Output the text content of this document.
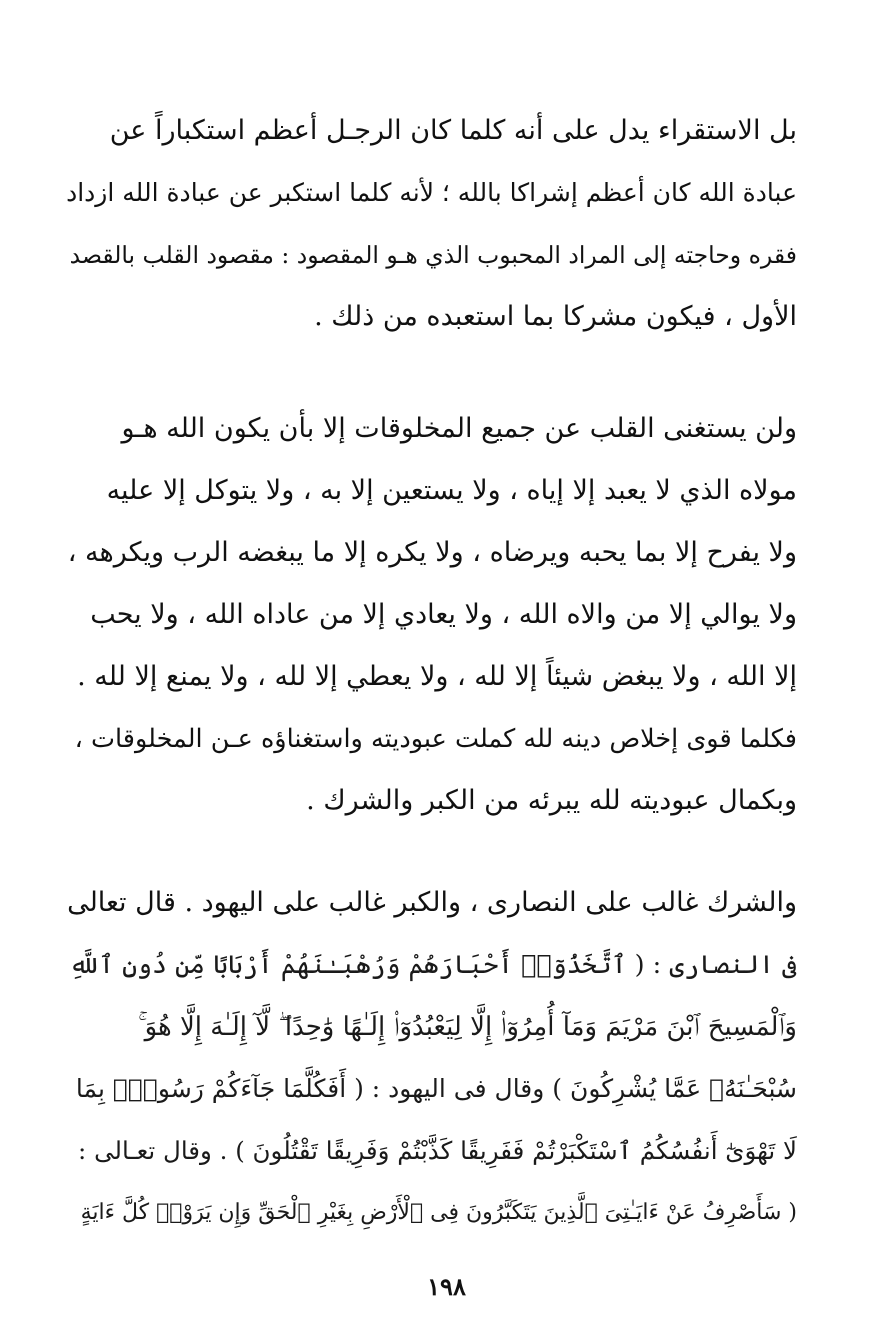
بل الاستقراء يدل على أنه كلما كان الرجـل أعظم استكباراً عن
عبادة الله كان أعظم إشراكا بالله ؛ لأنه كلما استكبر عن عبادة الله ازداد
فقره وحاجته إلى المراد المحبوب الذي هـو المقصود : مقصود القلب بالقصد
الأول ، فيكون مشركا بما استعبده من ذلك .
ولن يستغنى القلب عن جميع المخلوقات إلا بأن يكون الله هـو
مولاه الذي لا يعبد إلا إياه ، ولا يستعين إلا به ، ولا يتوكل إلا عليه
ولا يفرح إلا بما يحبه ويرضاه ، ولا يكره إلا ما يبغضه الرب ويكرهه ،
ولا يوالي إلا من والاه الله ، ولا يعادي إلا من عاداه الله ، ولا يحب
إلا الله ، ولا يبغض شيئاً إلا لله ، ولا يعطي إلا لله ، ولا يمنع إلا لله .
فكلما قوى إخلاص دينه لله كملت عبوديته واستغناؤه عـن المخلوقات ،
وبكمال عبوديته لله يبرئه من الكبر والشرك .
والشرك غالب على النصارى ، والكبر غالب على اليهود . قال تعالى
فى النصارى : ( ٱتَّخَذُوٓا۟ أَحْبَارَهُمْ وَرُهْبَـٰنَهُمْ أَرْبَابًا مِّن دُونِ ٱللَّهِ
وَٱلْمَسِيحَ ٱبْنَ مَرْيَمَ وَمَآ أُمِرُوٓا۟ إِلَّا لِيَعْبُدُوٓا۟ إِلَـٰهًا وَٰحِدًا ۖ لَّآ إِلَـٰهَ إِلَّا هُوَ ۚ
سُبْحَـٰنَهُۥ عَمَّا يُشْرِكُونَ ) وقال فى اليهود : ( أَفَكُلَّمَا جَآءَكُمْ رَسُولٌۢ بِمَا
لَا تَهْوَىٰٓ أَنفُسُكُمُ ٱسْتَكْبَرْتُمْ فَفَرِيقًا كَذَّبْتُمْ وَفَرِيقًا تَقْتُلُونَ ) . وقال تعـالى :
( سَأَصْرِفُ عَنْ ءَايَـٰتِىَ ٱلَّذِينَ يَتَكَبَّرُونَ فِى ٱلْأَرْضِ بِغَيْرِ ٱلْحَقِّ وَإِن يَرَوْا۟ كُلَّ ءَايَةٍ
١٩٨
